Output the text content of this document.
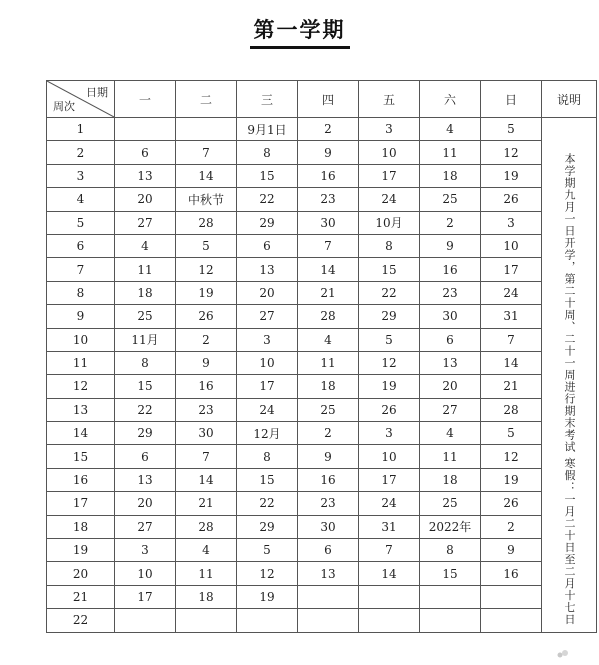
第一学期
日期
周次	一	二	三	四	五	六	日	说明
1			9月1日	2	3	4	5	本学期九月一日开学，第二十周、二十一周进行期末考试 寒假：一月二十日至二月十七日
2	6	7	8	9	10	11	12	
3	13	14	15	16	17	18	19	
4	20	中秋节	22	23	24	25	26	
5	27	28	29	30	10月	2	3	
6	4	5	6	7	8	9	10	
7	11	12	13	14	15	16	17	
8	18	19	20	21	22	23	24	
9	25	26	27	28	29	30	31	
10	11月	2	3	4	5	6	7	
11	8	9	10	11	12	13	14	
12	15	16	17	18	19	20	21	
13	22	23	24	25	26	27	28	
14	29	30	12月	2	3	4	5	
15	6	7	8	9	10	11	12	
16	13	14	15	16	17	18	19	
17	20	21	22	23	24	25	26	
18	27	28	29	30	31	2022年	2	
19	3	4	5	6	7	8	9	
20	10	11	12	13	14	15	16	
21	17	18	19					
22								
